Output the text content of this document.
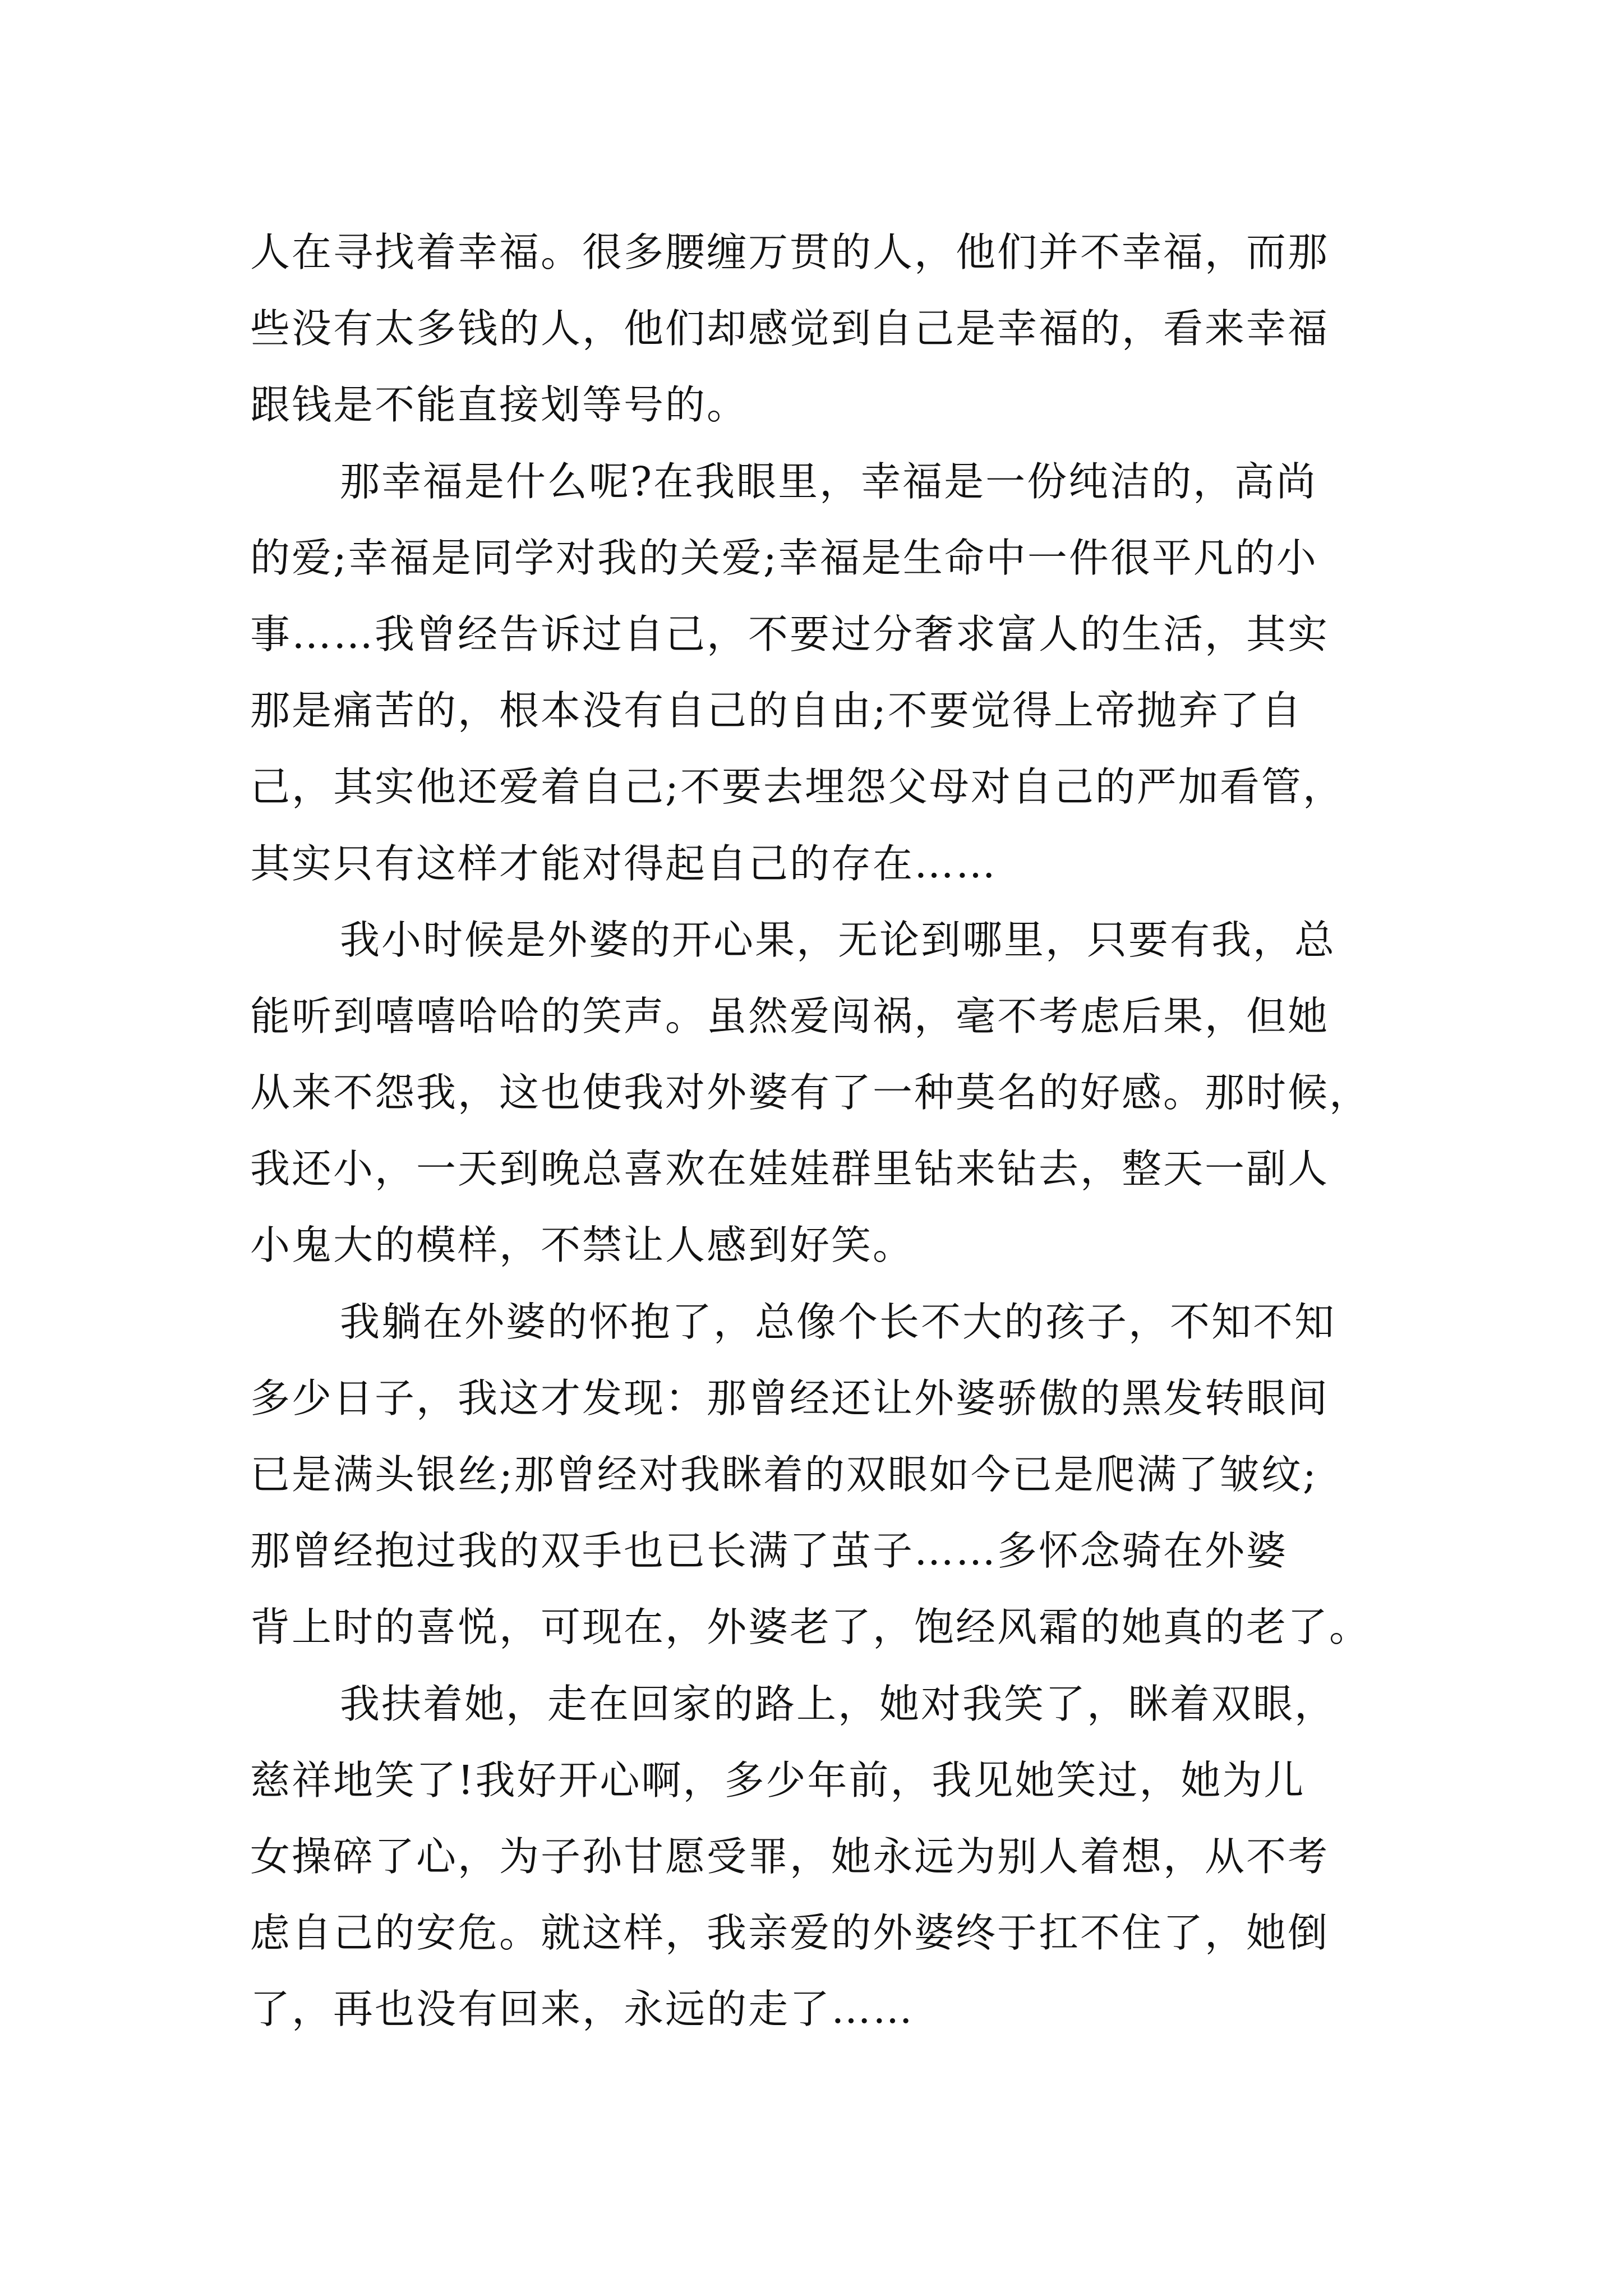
人在寻找着幸福。很多腰缠万贯的人，他们并不幸福，而那
些没有太多钱的人，他们却感觉到自己是幸福的，看来幸福
跟钱是不能直接划等号的。
那幸福是什么呢?在我眼里，幸福是一份纯洁的，高尚
的爱;幸福是同学对我的关爱;幸福是生命中一件很平凡的小
事……我曾经告诉过自己，不要过分奢求富人的生活，其实
那是痛苦的，根本没有自己的自由;不要觉得上帝抛弃了自
己，其实他还爱着自己;不要去埋怨父母对自己的严加看管，
其实只有这样才能对得起自己的存在……
我小时候是外婆的开心果，无论到哪里，只要有我，总
能听到嘻嘻哈哈的笑声。虽然爱闯祸，毫不考虑后果，但她
从来不怨我，这也使我对外婆有了一种莫名的好感。那时候，
我还小，一天到晚总喜欢在娃娃群里钻来钻去，整天一副人
小鬼大的模样，不禁让人感到好笑。
我躺在外婆的怀抱了，总像个长不大的孩子，不知不知
多少日子，我这才发现：那曾经还让外婆骄傲的黑发转眼间
已是满头银丝;那曾经对我眯着的双眼如今已是爬满了皱纹;
那曾经抱过我的双手也已长满了茧子……多怀念骑在外婆
背上时的喜悦，可现在，外婆老了，饱经风霜的她真的老了。
我扶着她，走在回家的路上，她对我笑了，眯着双眼，
慈祥地笑了!我好开心啊，多少年前，我见她笑过，她为儿
女操碎了心，为子孙甘愿受罪，她永远为别人着想，从不考
虑自己的安危。就这样，我亲爱的外婆终于扛不住了，她倒
了，再也没有回来，永远的走了……
